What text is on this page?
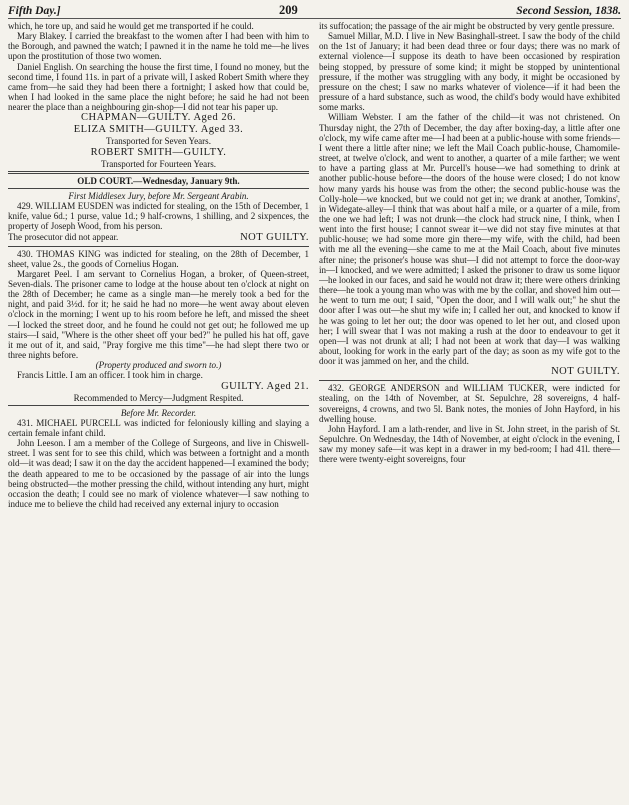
Fifth Day.]	209	Second Session, 1838.

which, he tore up, and said he would get me transported if he could.

Mary Blakey. I carried the breakfast to the women after I had been with him to the Borough, and pawned the watch; I pawned it in the name he told me—he lives upon the prostitution of those two women.

Daniel English. On searching the house the first time, I found no money, but the second time, I found 11s. in part of a private will, I asked Robert Smith where they came from—he said they had been there a fortnight; I asked how that could be, when I had looked in the same place the night before; he said he had not been nearer the place than a neighbouring gin-shop—I did not tear his paper up.

CHAPMAN—GUILTY. Aged 26.
ELIZA SMITH—GUILTY. Aged 33.
Transported for Seven Years.
ROBERT SMITH—GUILTY.
Transported for Fourteen Years.
OLD COURT.—Wednesday, January 9th.
First Middlesex Jury, before Mr. Sergeant Arabin.

429. WILLIAM EUSDEN was indicted for stealing, on the 15th of December, 1 knife, value 6d.; 1 purse, value 1d.; 9 half-crowns, 1 shilling, and 2 sixpences, the property of Joseph Wood, from his person.

The prosecutor did not appear.	NOT GUILTY.

430. THOMAS KING was indicted for stealing, on the 28th of December, 1 sheet, value 2s., the goods of Cornelius Hogan.

Margaret Peel. I am servant to Cornelius Hogan, a broker, of Queen-street, Seven-dials. The prisoner came to lodge at the house about ten o'clock at night on the 28th of December; he came as a single man—he merely took a bed for the night, and paid 3½d. for it; he said he had no more—he went away about eleven o'clock in the morning; I went up to his room before he left, and missed the sheet—I locked the street door, and he found he could not get out; he followed me up stairs—I said, "Where is the other sheet off your bed?" he pulled his hat off, gave it me out of it, and said, "Pray forgive me this time"—he had slept there two or three nights before.

(Property produced and sworn to.)

Francis Little. I am an officer. I took him in charge.

GUILTY. Aged 21.
Recommended to Mercy—Judgment Respited.
Before Mr. Recorder.

431. MICHAEL PURCELL was indicted for feloniously killing and slaying a certain female infant child.

John Leeson. I am a member of the College of Surgeons, and live in Chiswell-street. I was sent for to see this child, which was between a fortnight and a month old—it was dead; I saw it on the day the accident happened—I examined the body; the death appeared to me to be occasioned by the passage of air into the lungs being obstructed—the mother pressing the child, without intending any hurt, might occasion the death; I could see no mark of violence whatever—I saw nothing to induce me to believe the child had received any external injury to occasion

its suffocation; the passage of the air might be obstructed by very gentle pressure.

Samuel Millar, M.D. I live in New Basinghall-street. I saw the body of the child on the 1st of January; it had been dead three or four days; there was no mark of external violence—I suppose its death to have been occasioned by respiration being stopped, by pressure of some kind; it might be stopped by unintentional pressure, if the mother was struggling with any body, it might be occasioned by pressure on the chest; I saw no marks whatever of violence—if it had been the pressure of a hard substance, such as wood, the child's body would have exhibited some marks.

William Webster. I am the father of the child—it was not christened. On Thursday night, the 27th of December, the day after boxing-day, a little after one o'clock, my wife came after me—I had been at a public-house with some friends—I went there a little after nine; we left the Mail Coach public-house, Chamomile-street, at twelve o'clock, and went to another, a quarter of a mile farther; we went to have a parting glass at Mr. Purcell's house—we had something to drink at another public-house before—the doors of the house were closed; I do not know how many yards his house was from the other; the second public-house was the Colly-hole—we knocked, but we could not get in; we drank at another, Tomkins', in Widegate-alley—I think that was about half a mile, or a quarter of a mile, from the one we had left; I was not drunk—the clock had struck nine, I think, when I went into the first house; I cannot swear it—we did not stay five minutes at that public-house; we had some more gin there—my wife, with the child, had been with me all the evening—she came to me at the Mail Coach, about five minutes after nine; the prisoner's house was shut—I did not attempt to force the door-way in—I knocked, and we were admitted; I asked the prisoner to draw us some liquor—he looked in our faces, and said he would not draw it; there were others drinking there—he took a young man who was with me by the collar, and shoved him out—he went to turn me out; I said, "Open the door, and I will walk out;" he shut the door after I was out—he shut my wife in; I called her out, and knocked to know if he was going to let her out; the door was opened to let her out, and closed upon her; I will swear that I was not making a rush at the door to endeavour to get it open—I was not drunk at all; I had not been at work that day—I was walking about, looking for work in the early part of the day; as soon as my wife got to the door it was jammed on her, and the child.

NOT GUILTY.

432. GEORGE ANDERSON and WILLIAM TUCKER, were indicted for stealing, on the 14th of November, at St. Sepulchre, 28 sovereigns, 4 half-sovereigns, 4 crowns, and two 5l. Bank notes, the monies of John Hayford, in his dwelling house.

John Hayford. I am a lath-render, and live in St. John street, in the parish of St. Sepulchre. On Wednesday, the 14th of November, at eight o'clock in the evening, I saw my money safe—it was kept in a drawer in my bed-room; I had 41l. there—there were twenty-eight sovereigns, four
